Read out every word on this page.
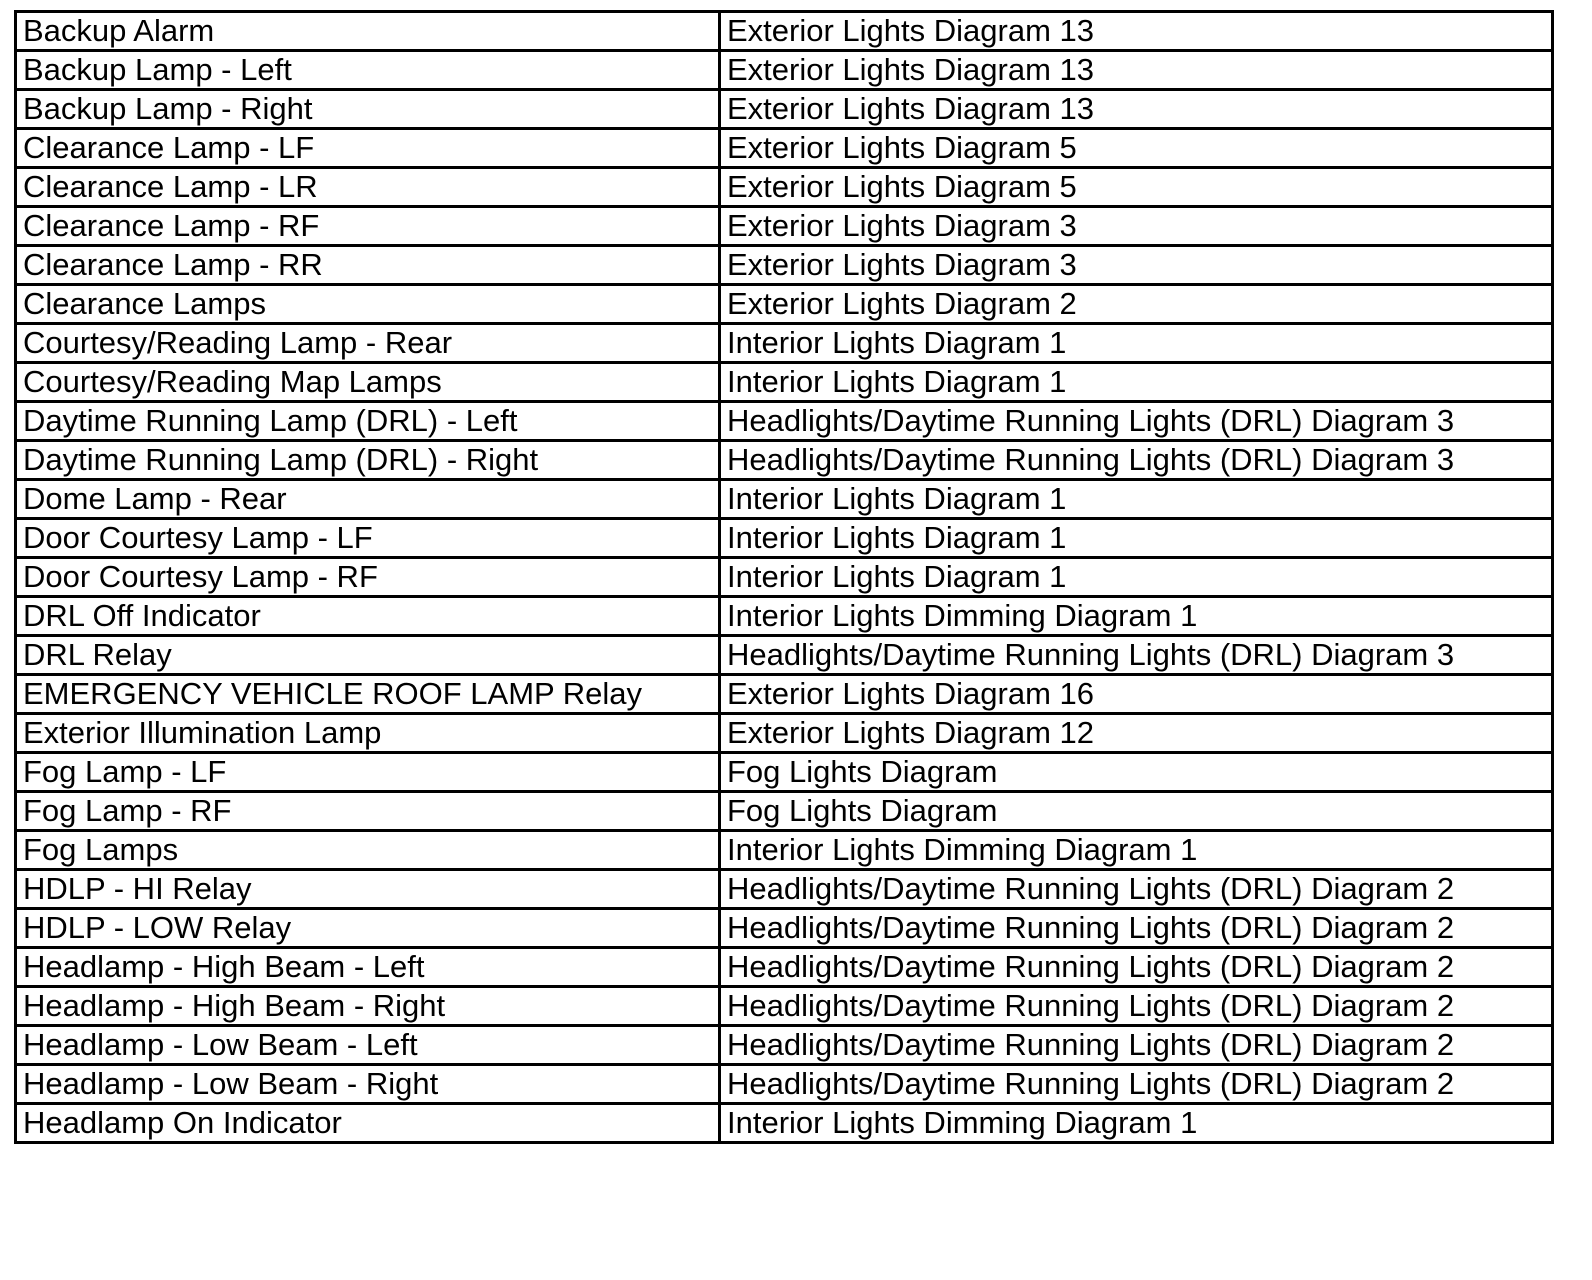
Backup Alarm	Exterior Lights Diagram 13
Backup Lamp - Left	Exterior Lights Diagram 13
Backup Lamp - Right	Exterior Lights Diagram 13
Clearance Lamp - LF	Exterior Lights Diagram 5
Clearance Lamp - LR	Exterior Lights Diagram 5
Clearance Lamp - RF	Exterior Lights Diagram 3
Clearance Lamp - RR	Exterior Lights Diagram 3
Clearance Lamps	Exterior Lights Diagram 2
Courtesy/Reading Lamp - Rear	Interior Lights Diagram 1
Courtesy/Reading Map Lamps	Interior Lights Diagram 1
Daytime Running Lamp (DRL) - Left	Headlights/Daytime Running Lights (DRL) Diagram 3
Daytime Running Lamp (DRL) - Right	Headlights/Daytime Running Lights (DRL) Diagram 3
Dome Lamp - Rear	Interior Lights Diagram 1
Door Courtesy Lamp - LF	Interior Lights Diagram 1
Door Courtesy Lamp - RF	Interior Lights Diagram 1
DRL Off Indicator	Interior Lights Dimming Diagram 1
DRL Relay	Headlights/Daytime Running Lights (DRL) Diagram 3
EMERGENCY VEHICLE ROOF LAMP Relay	Exterior Lights Diagram 16
Exterior Illumination Lamp	Exterior Lights Diagram 12
Fog Lamp - LF	Fog Lights Diagram
Fog Lamp - RF	Fog Lights Diagram
Fog Lamps	Interior Lights Dimming Diagram 1
HDLP - HI Relay	Headlights/Daytime Running Lights (DRL) Diagram 2
HDLP - LOW Relay	Headlights/Daytime Running Lights (DRL) Diagram 2
Headlamp - High Beam - Left	Headlights/Daytime Running Lights (DRL) Diagram 2
Headlamp - High Beam - Right	Headlights/Daytime Running Lights (DRL) Diagram 2
Headlamp - Low Beam - Left	Headlights/Daytime Running Lights (DRL) Diagram 2
Headlamp - Low Beam - Right	Headlights/Daytime Running Lights (DRL) Diagram 2
Headlamp On Indicator	Interior Lights Dimming Diagram 1
